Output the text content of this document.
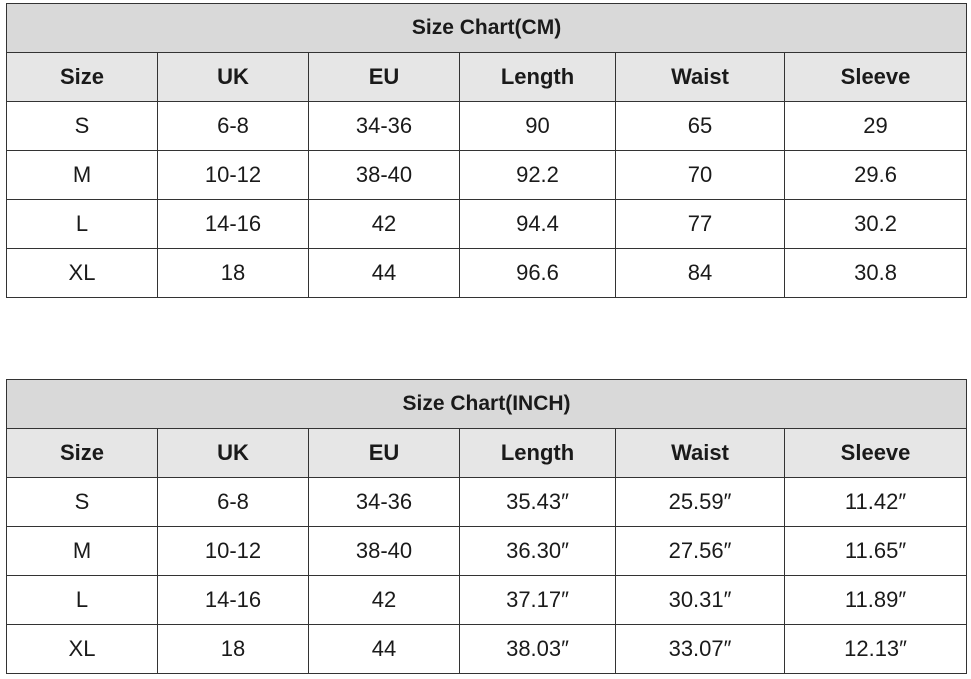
Size Chart(CM)					
Size	UK	EU	Length	Waist	Sleeve
S	6-8	34-36	90	65	29
M	10-12	38-40	92.2	70	29.6
L	14-16	42	94.4	77	30.2
XL	18	44	96.6	84	30.8
Size Chart(INCH)					
Size	UK	EU	Length	Waist	Sleeve
S	6-8	34-36	35.43″	25.59″	11.42″
M	10-12	38-40	36.30″	27.56″	11.65″
L	14-16	42	37.17″	30.31″	11.89″
XL	18	44	38.03″	33.07″	12.13″
